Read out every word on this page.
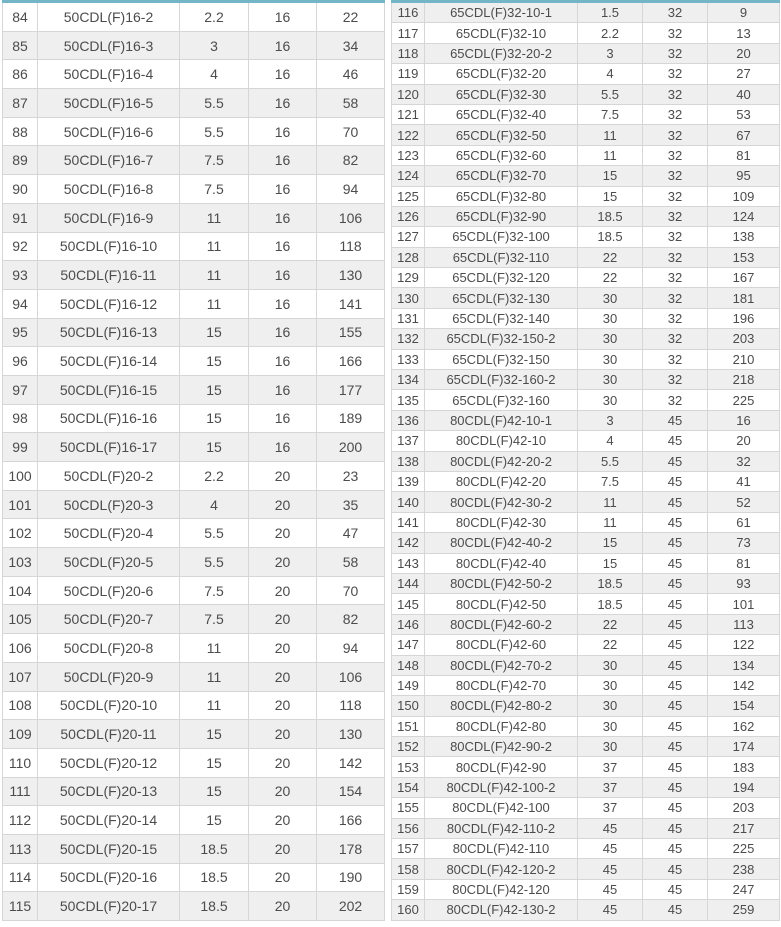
84	50CDL(F)16-2	2.2	16	22
85	50CDL(F)16-3	3	16	34
86	50CDL(F)16-4	4	16	46
87	50CDL(F)16-5	5.5	16	58
88	50CDL(F)16-6	5.5	16	70
89	50CDL(F)16-7	7.5	16	82
90	50CDL(F)16-8	7.5	16	94
91	50CDL(F)16-9	11	16	106
92	50CDL(F)16-10	11	16	118
93	50CDL(F)16-11	11	16	130
94	50CDL(F)16-12	11	16	141
95	50CDL(F)16-13	15	16	155
96	50CDL(F)16-14	15	16	166
97	50CDL(F)16-15	15	16	177
98	50CDL(F)16-16	15	16	189
99	50CDL(F)16-17	15	16	200
100	50CDL(F)20-2	2.2	20	23
101	50CDL(F)20-3	4	20	35
102	50CDL(F)20-4	5.5	20	47
103	50CDL(F)20-5	5.5	20	58
104	50CDL(F)20-6	7.5	20	70
105	50CDL(F)20-7	7.5	20	82
106	50CDL(F)20-8	11	20	94
107	50CDL(F)20-9	11	20	106
108	50CDL(F)20-10	11	20	118
109	50CDL(F)20-11	15	20	130
110	50CDL(F)20-12	15	20	142
111	50CDL(F)20-13	15	20	154
112	50CDL(F)20-14	15	20	166
113	50CDL(F)20-15	18.5	20	178
114	50CDL(F)20-16	18.5	20	190
115	50CDL(F)20-17	18.5	20	202
116	65CDL(F)32-10-1	1.5	32	9
117	65CDL(F)32-10	2.2	32	13
118	65CDL(F)32-20-2	3	32	20
119	65CDL(F)32-20	4	32	27
120	65CDL(F)32-30	5.5	32	40
121	65CDL(F)32-40	7.5	32	53
122	65CDL(F)32-50	11	32	67
123	65CDL(F)32-60	11	32	81
124	65CDL(F)32-70	15	32	95
125	65CDL(F)32-80	15	32	109
126	65CDL(F)32-90	18.5	32	124
127	65CDL(F)32-100	18.5	32	138
128	65CDL(F)32-110	22	32	153
129	65CDL(F)32-120	22	32	167
130	65CDL(F)32-130	30	32	181
131	65CDL(F)32-140	30	32	196
132	65CDL(F)32-150-2	30	32	203
133	65CDL(F)32-150	30	32	210
134	65CDL(F)32-160-2	30	32	218
135	65CDL(F)32-160	30	32	225
136	80CDL(F)42-10-1	3	45	16
137	80CDL(F)42-10	4	45	20
138	80CDL(F)42-20-2	5.5	45	32
139	80CDL(F)42-20	7.5	45	41
140	80CDL(F)42-30-2	11	45	52
141	80CDL(F)42-30	11	45	61
142	80CDL(F)42-40-2	15	45	73
143	80CDL(F)42-40	15	45	81
144	80CDL(F)42-50-2	18.5	45	93
145	80CDL(F)42-50	18.5	45	101
146	80CDL(F)42-60-2	22	45	113
147	80CDL(F)42-60	22	45	122
148	80CDL(F)42-70-2	30	45	134
149	80CDL(F)42-70	30	45	142
150	80CDL(F)42-80-2	30	45	154
151	80CDL(F)42-80	30	45	162
152	80CDL(F)42-90-2	30	45	174
153	80CDL(F)42-90	37	45	183
154	80CDL(F)42-100-2	37	45	194
155	80CDL(F)42-100	37	45	203
156	80CDL(F)42-110-2	45	45	217
157	80CDL(F)42-110	45	45	225
158	80CDL(F)42-120-2	45	45	238
159	80CDL(F)42-120	45	45	247
160	80CDL(F)42-130-2	45	45	259
